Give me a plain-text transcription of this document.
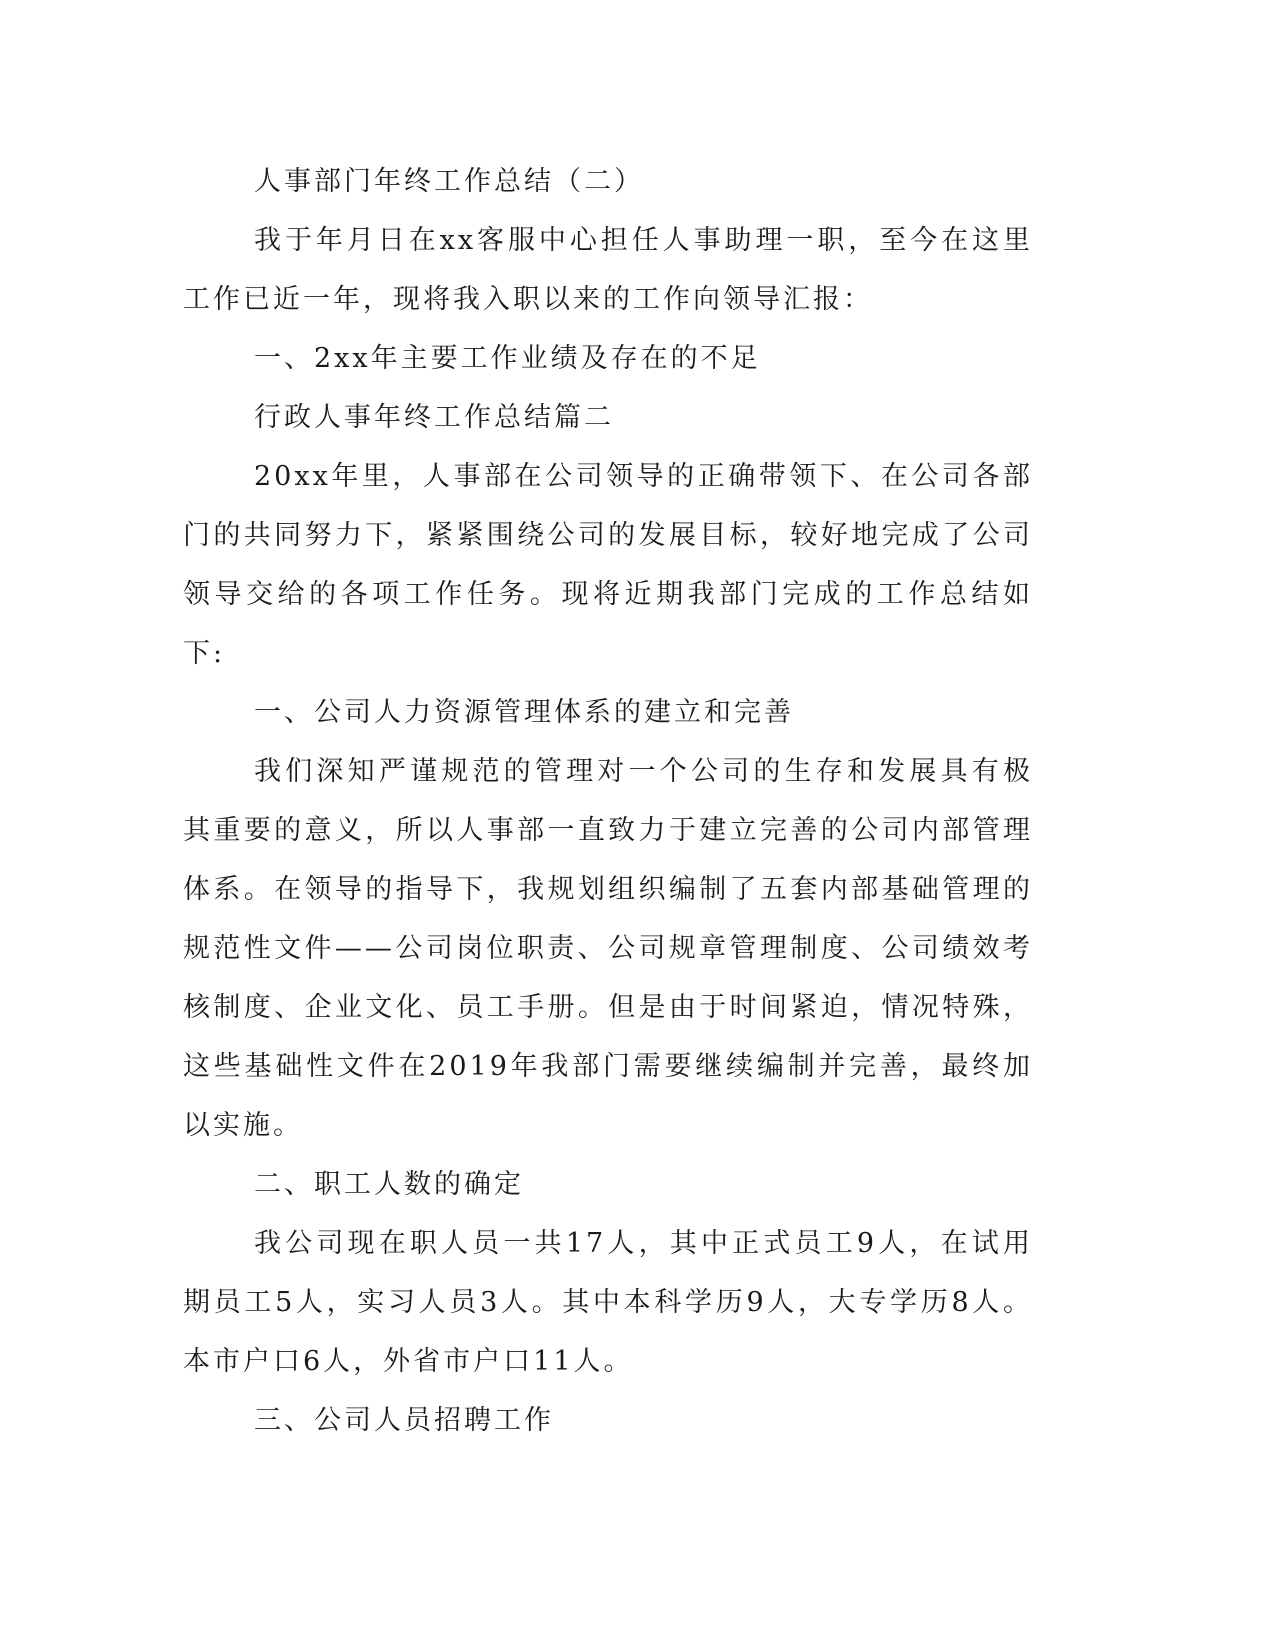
人事部门年终工作总结（二）

我于年月日在xx客服中心担任人事助理一职，至今在这里工作已近一年，现将我入职以来的工作向领导汇报：

一、2xx年主要工作业绩及存在的不足

行政人事年终工作总结篇二

20xx年里，人事部在公司领导的正确带领下、在公司各部门的共同努力下，紧紧围绕公司的发展目标，较好地完成了公司领导交给的各项工作任务。现将近期我部门完成的工作总结如下:

一、公司人力资源管理体系的建立和完善

我们深知严谨规范的管理对一个公司的生存和发展具有极其重要的意义，所以人事部一直致力于建立完善的公司内部管理体系。在领导的指导下，我规划组织编制了五套内部基础管理的规范性文件——公司岗位职责、公司规章管理制度、公司绩效考核制度、企业文化、员工手册。但是由于时间紧迫，情况特殊，这些基础性文件在2019年我部门需要继续编制并完善，最终加以实施。

二、职工人数的确定

我公司现在职人员一共17人，其中正式员工9人，在试用期员工5人，实习人员3人。其中本科学历9人，大专学历8人。本市户口6人，外省市户口11人。

三、公司人员招聘工作
